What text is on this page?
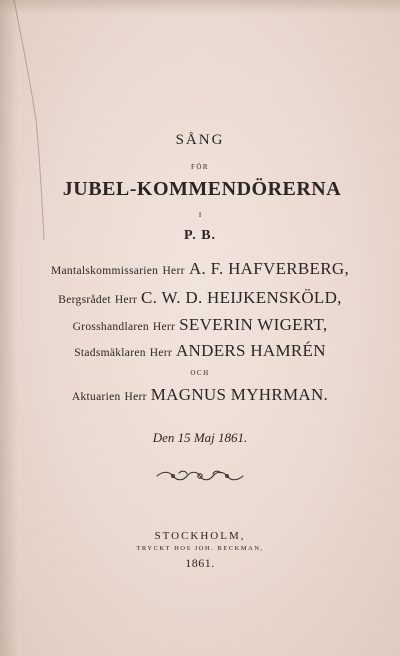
SÅNG
FÖR
JUBEL-KOMMENDÖRERNA
I
P. B.
Mantalskommissarien Herr A. F. HAFVERBERG,
Bergsrådet Herr C. W. D. HEIJKENSKÖLD,
Grosshandlaren Herr SEVERIN WIGERT,
Stadsmäklaren Herr ANDERS HAMRÉN
OCH
Aktuarien Herr MAGNUS MYHRMAN.
Den 15 Maj 1861.
STOCKHOLM,
TRYCKT HOS JOH. BECKMAN,
1861.
